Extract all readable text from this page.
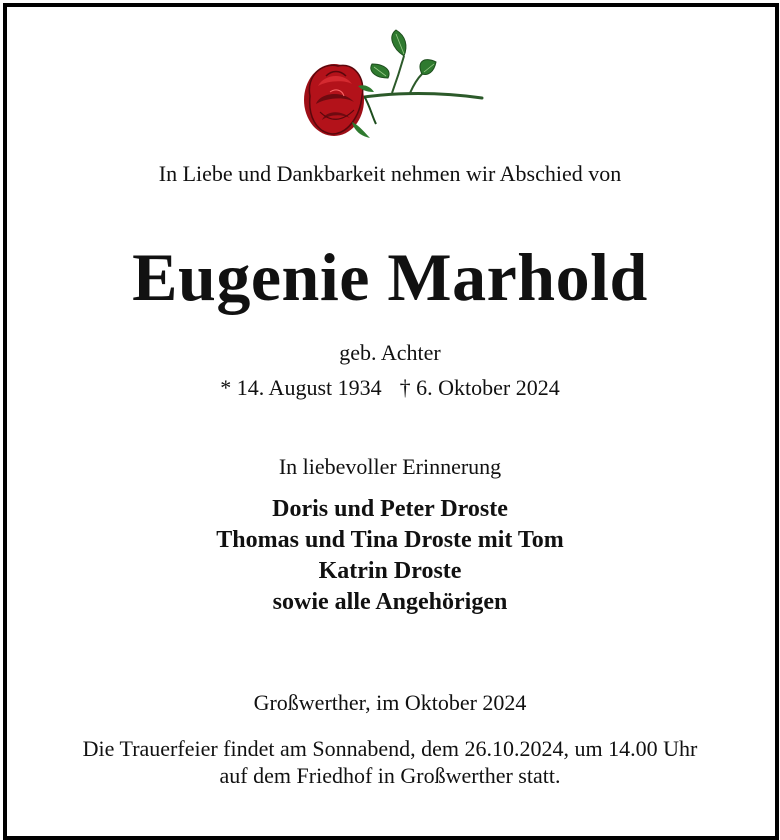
In Liebe und Dankbarkeit nehmen wir Abschied von
Eugenie Marhold
geb. Achter
* 14. August 1934 † 6. Oktober 2024
In liebevoller Erinnerung
Doris und Peter Droste
Thomas und Tina Droste mit Tom
Katrin Droste
sowie alle Angehörigen
Großwerther, im Oktober 2024
Die Trauerfeier findet am Sonnabend, dem 26.10.2024, um 14.00 Uhr
auf dem Friedhof in Großwerther statt.
